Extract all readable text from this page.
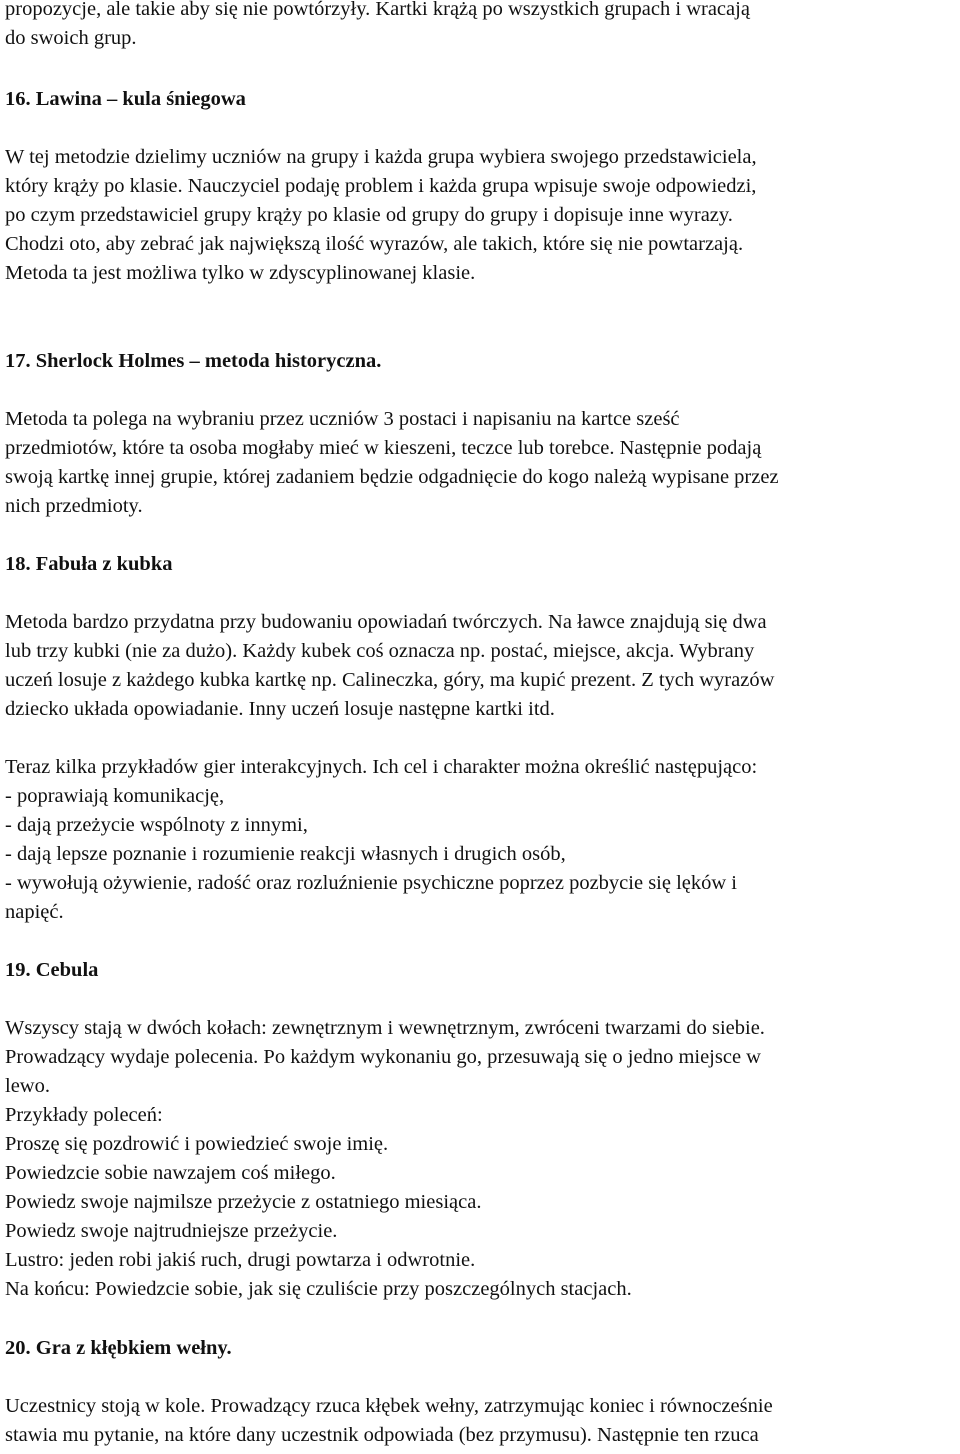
propozycje, ale takie aby się nie powtórzyły. Kartki krążą po wszystkich grupach i wracają
do swoich grup.
16. Lawina – kula śniegowa
W tej metodzie dzielimy uczniów na grupy i każda grupa wybiera swojego przedstawiciela,
który krąży po klasie. Nauczyciel podaję problem i każda grupa wpisuje swoje odpowiedzi,
po czym przedstawiciel grupy krąży po klasie od grupy do grupy i dopisuje inne wyrazy.
Chodzi oto, aby zebrać jak największą ilość wyrazów, ale takich, które się nie powtarzają.
Metoda ta jest możliwa tylko w zdyscyplinowanej klasie.
17. Sherlock Holmes – metoda historyczna.
Metoda ta polega na wybraniu przez uczniów 3 postaci i napisaniu na kartce sześć
przedmiotów, które ta osoba mogłaby mieć w kieszeni, teczce lub torebce. Następnie podają
swoją kartkę innej grupie, której zadaniem będzie odgadnięcie do kogo należą wypisane przez
nich przedmioty.
18. Fabuła z kubka
Metoda bardzo przydatna przy budowaniu opowiadań twórczych. Na ławce znajdują się dwa
lub trzy kubki (nie za dużo). Każdy kubek coś oznacza np. postać, miejsce, akcja. Wybrany
uczeń losuje z każdego kubka kartkę np. Calineczka, góry, ma kupić prezent. Z tych wyrazów
dziecko układa opowiadanie. Inny uczeń losuje następne kartki itd.
Teraz kilka przykładów gier interakcyjnych. Ich cel i charakter można określić następująco:
- poprawiają komunikację,
- dają przeżycie wspólnoty z innymi,
- dają lepsze poznanie i rozumienie reakcji własnych i drugich osób,
- wywołują ożywienie, radość oraz rozluźnienie psychiczne poprzez pozbycie się lęków i
napięć.
19. Cebula
Wszyscy stają w dwóch kołach: zewnętrznym i wewnętrznym, zwróceni twarzami do siebie.
Prowadzący wydaje polecenia. Po każdym wykonaniu go, przesuwają się o jedno miejsce w
lewo.
Przykłady poleceń:
Proszę się pozdrowić i powiedzieć swoje imię.
Powiedzcie sobie nawzajem coś miłego.
Powiedz swoje najmilsze przeżycie z ostatniego miesiąca.
Powiedz swoje najtrudniejsze przeżycie.
Lustro: jeden robi jakiś ruch, drugi powtarza i odwrotnie.
Na końcu: Powiedzcie sobie, jak się czuliście przy poszczególnych stacjach.
20. Gra z kłębkiem wełny.
Uczestnicy stoją w kole. Prowadzący rzuca kłębek wełny, zatrzymując koniec i równocześnie
stawia mu pytanie, na które dany uczestnik odpowiada (bez przymusu). Następnie ten rzuca
